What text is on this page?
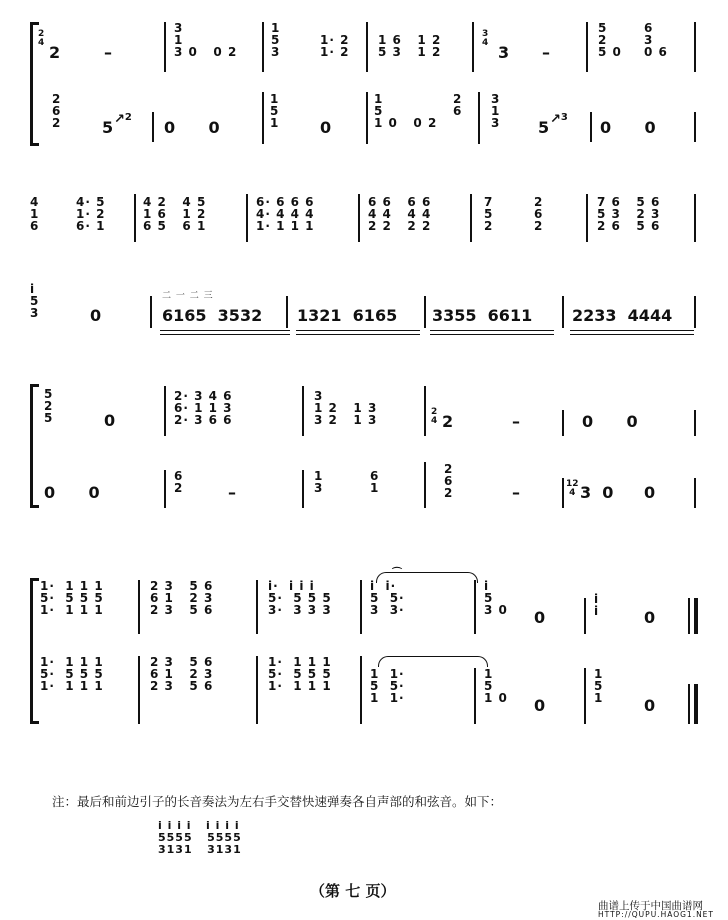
2
4
3
4
2	–
3
1
3 0   0 2
1
5
3
1· 2
1· 2
1 6   1 2
5 3   1 2	3 –
5
2
5 0
6
3
0 6
2
6
2	5	0      0
1
5
1	0
1
5
1 0   0 2
2
6
3
1
3 5	0      0
↗$^2$	↗$^3$
4
1
6
4· 5
1· 2
6· 1
4 2   4 5
1 6   1 2
6 5   6 1
6· 6 6 6
4· 4 4 4
1· 1 1 1
6 6   6 6
4 4   4 4
2 2   2 2
7
5
2
2
6
2
7 6   5 6
5 3   2 3
2 6   5 6
i
5
3	0	6165  3532 1321  6165 3355  6611 2233  4444
二 一 二 三
2
4
12
4
5
2
5	0
2· 3 4 6
6· 1 1 3
2· 3 6 6
3
1 2   1 3
3 2   1 3	2	–	0      0
0      0
6
2	–
1
3
6
1
2
6
2	–	3  0 0
1·  1 1 1
5·  5 5 5
1·  1 1 1
2 3   5 6
6 1   2 3
2 3   5 6
i·  i i i
5·  5 5 5
3·  3 3 3
i  i·
5  5·
3  3·
i
5
3 0 0
i
i	0
1·  1 1 1
5·  5 5 5
1·  1 1 1
2 3   5 6
6 1   2 3
2 3   5 6
1·  1 1 1
5·  5 5 5
1·  1 1 1
1  1·
5  5·
1  1·
1
5
1 0 0
1
5
1	0
⌒
注：最后和前边引子的长音奏法为左右手交替快速弹奏各自声部的和弦音。如下：
i i i i   i i i i
5555   5555
3131   3131
（第 七 页）
曲谱上传于中国曲谱网
HTTP://QUPU.HAOG1.NET
